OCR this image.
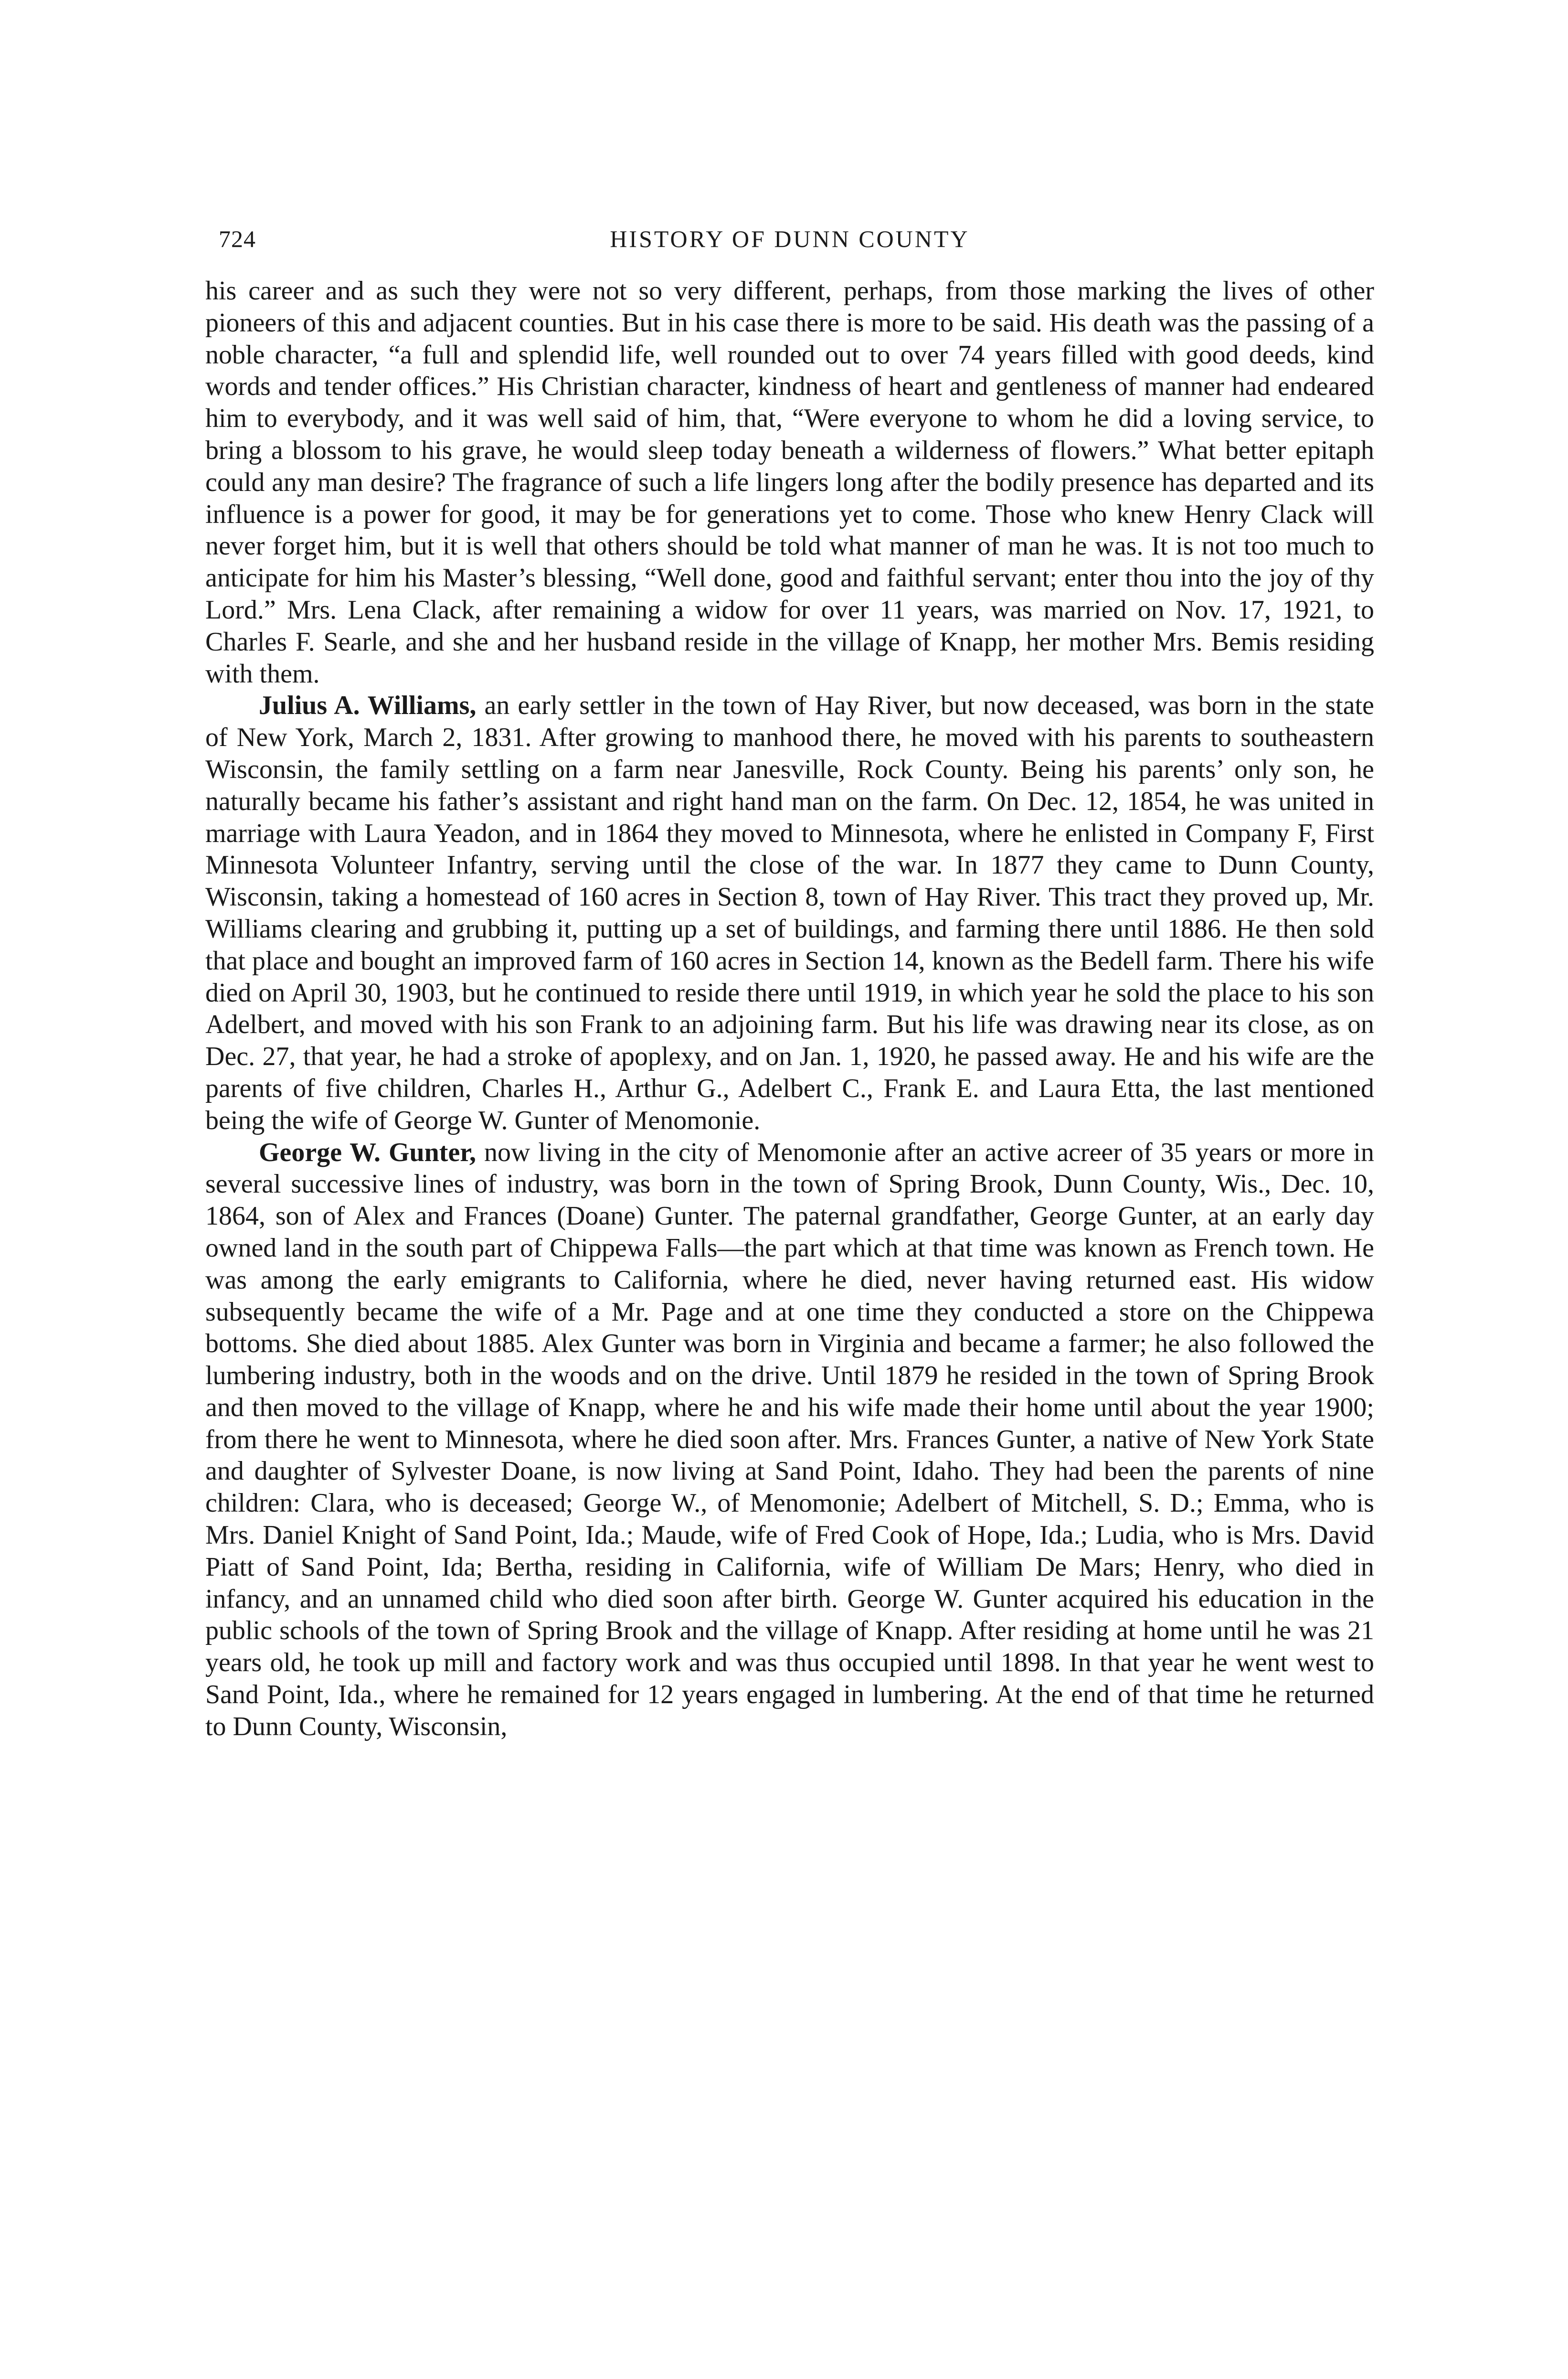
724	HISTORY OF DUNN COUNTY

his career and as such they were not so very different, perhaps, from those marking the lives of other pioneers of this and adjacent counties. But in his case there is more to be said. His death was the passing of a noble character, “a full and splendid life, well rounded out to over 74 years filled with good deeds, kind words and tender offices.” His Christian character, kindness of heart and gentleness of manner had endeared him to everybody, and it was well said of him, that, “Were everyone to whom he did a loving service, to bring a blossom to his grave, he would sleep today beneath a wilderness of flowers.” What better epitaph could any man desire? The fragrance of such a life lingers long after the bodily presence has departed and its influence is a power for good, it may be for generations yet to come. Those who knew Henry Clack will never forget him, but it is well that others should be told what manner of man he was. It is not too much to anticipate for him his Master’s blessing, “Well done, good and faithful servant; enter thou into the joy of thy Lord.” Mrs. Lena Clack, after remaining a widow for over 11 years, was married on Nov. 17, 1921, to Charles F. Searle, and she and her husband reside in the village of Knapp, her mother Mrs. Bemis residing with them.

Julius A. Williams, an early settler in the town of Hay River, but now deceased, was born in the state of New York, March 2, 1831. After growing to manhood there, he moved with his parents to southeastern Wisconsin, the family settling on a farm near Janesville, Rock County. Being his parents’ only son, he naturally became his father’s assistant and right hand man on the farm. On Dec. 12, 1854, he was united in marriage with Laura Yeadon, and in 1864 they moved to Minnesota, where he enlisted in Company F, First Minnesota Volunteer Infantry, serving until the close of the war. In 1877 they came to Dunn County, Wisconsin, taking a homestead of 160 acres in Section 8, town of Hay River. This tract they proved up, Mr. Williams clearing and grubbing it, putting up a set of buildings, and farming there until 1886. He then sold that place and bought an improved farm of 160 acres in Section 14, known as the Bedell farm. There his wife died on April 30, 1903, but he continued to reside there until 1919, in which year he sold the place to his son Adelbert, and moved with his son Frank to an adjoining farm. But his life was drawing near its close, as on Dec. 27, that year, he had a stroke of apoplexy, and on Jan. 1, 1920, he passed away. He and his wife are the parents of five children, Charles H., Arthur G., Adelbert C., Frank E. and Laura Etta, the last mentioned being the wife of George W. Gunter of Menomonie.

George W. Gunter, now living in the city of Menomonie after an active acreer of 35 years or more in several successive lines of industry, was born in the town of Spring Brook, Dunn County, Wis., Dec. 10, 1864, son of Alex and Frances (Doane) Gunter. The paternal grandfather, George Gunter, at an early day owned land in the south part of Chippewa Falls—the part which at that time was known as French town. He was among the early emigrants to California, where he died, never having returned east. His widow subsequently became the wife of a Mr. Page and at one time they conducted a store on the Chippewa bottoms. She died about 1885. Alex Gunter was born in Virginia and became a farmer; he also followed the lumbering industry, both in the woods and on the drive. Until 1879 he resided in the town of Spring Brook and then moved to the village of Knapp, where he and his wife made their home until about the year 1900; from there he went to Minnesota, where he died soon after. Mrs. Frances Gunter, a native of New York State and daughter of Sylvester Doane, is now living at Sand Point, Idaho. They had been the parents of nine children: Clara, who is deceased; George W., of Menomonie; Adelbert of Mitchell, S. D.; Emma, who is Mrs. Daniel Knight of Sand Point, Ida.; Maude, wife of Fred Cook of Hope, Ida.; Ludia, who is Mrs. David Piatt of Sand Point, Ida; Bertha, residing in California, wife of William De Mars; Henry, who died in infancy, and an unnamed child who died soon after birth. George W. Gunter acquired his education in the public schools of the town of Spring Brook and the village of Knapp. After residing at home until he was 21 years old, he took up mill and factory work and was thus occupied until 1898. In that year he went west to Sand Point, Ida., where he remained for 12 years engaged in lumbering. At the end of that time he returned to Dunn County, Wisconsin,
